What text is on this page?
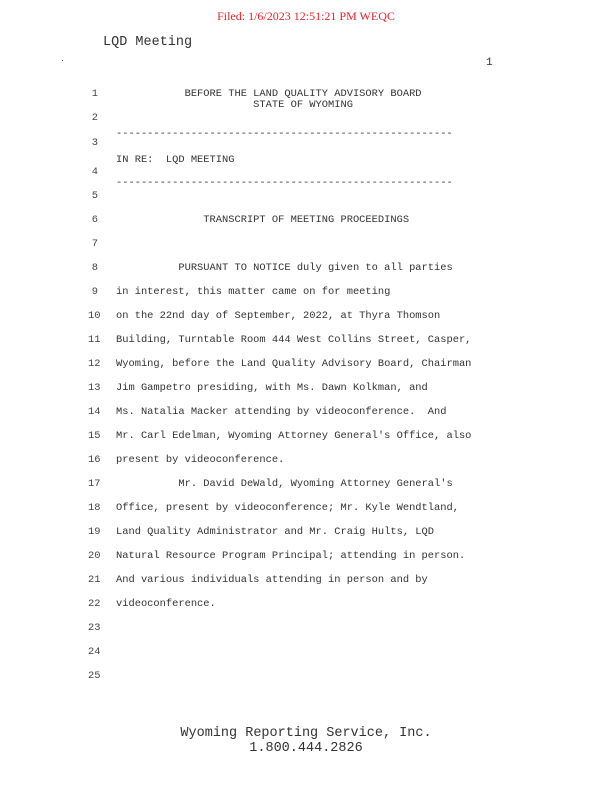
Filed: 1/6/2023 12:51:21 PM WEQC
LQD Meeting
1
1 BEFORE THE LAND QUALITY ADVISORY BOARD
STATE OF WYOMING
2
------------------------------------------------------
3
IN RE:  LQD MEETING
4
------------------------------------------------------
5
6 TRANSCRIPT OF MEETING PROCEEDINGS
7
8 PURSUANT TO NOTICE duly given to all parties
9 in interest, this matter came on for meeting
10 on the 22nd day of September, 2022, at Thyra Thomson
11 Building, Turntable Room 444 West Collins Street, Casper,
12 Wyoming, before the Land Quality Advisory Board, Chairman
13 Jim Gampetro presiding, with Ms. Dawn Kolkman, and
14 Ms. Natalia Macker attending by videoconference.  And
15 Mr. Carl Edelman, Wyoming Attorney General's Office, also
16 present by videoconference.
17 Mr. David DeWald, Wyoming Attorney General's
18 Office, present by videoconference; Mr. Kyle Wendtland,
19 Land Quality Administrator and Mr. Craig Hults, LQD
20 Natural Resource Program Principal; attending in person.
21 And various individuals attending in person and by
22 videoconference.
23
24
25
Wyoming Reporting Service, Inc.
1.800.444.2826
